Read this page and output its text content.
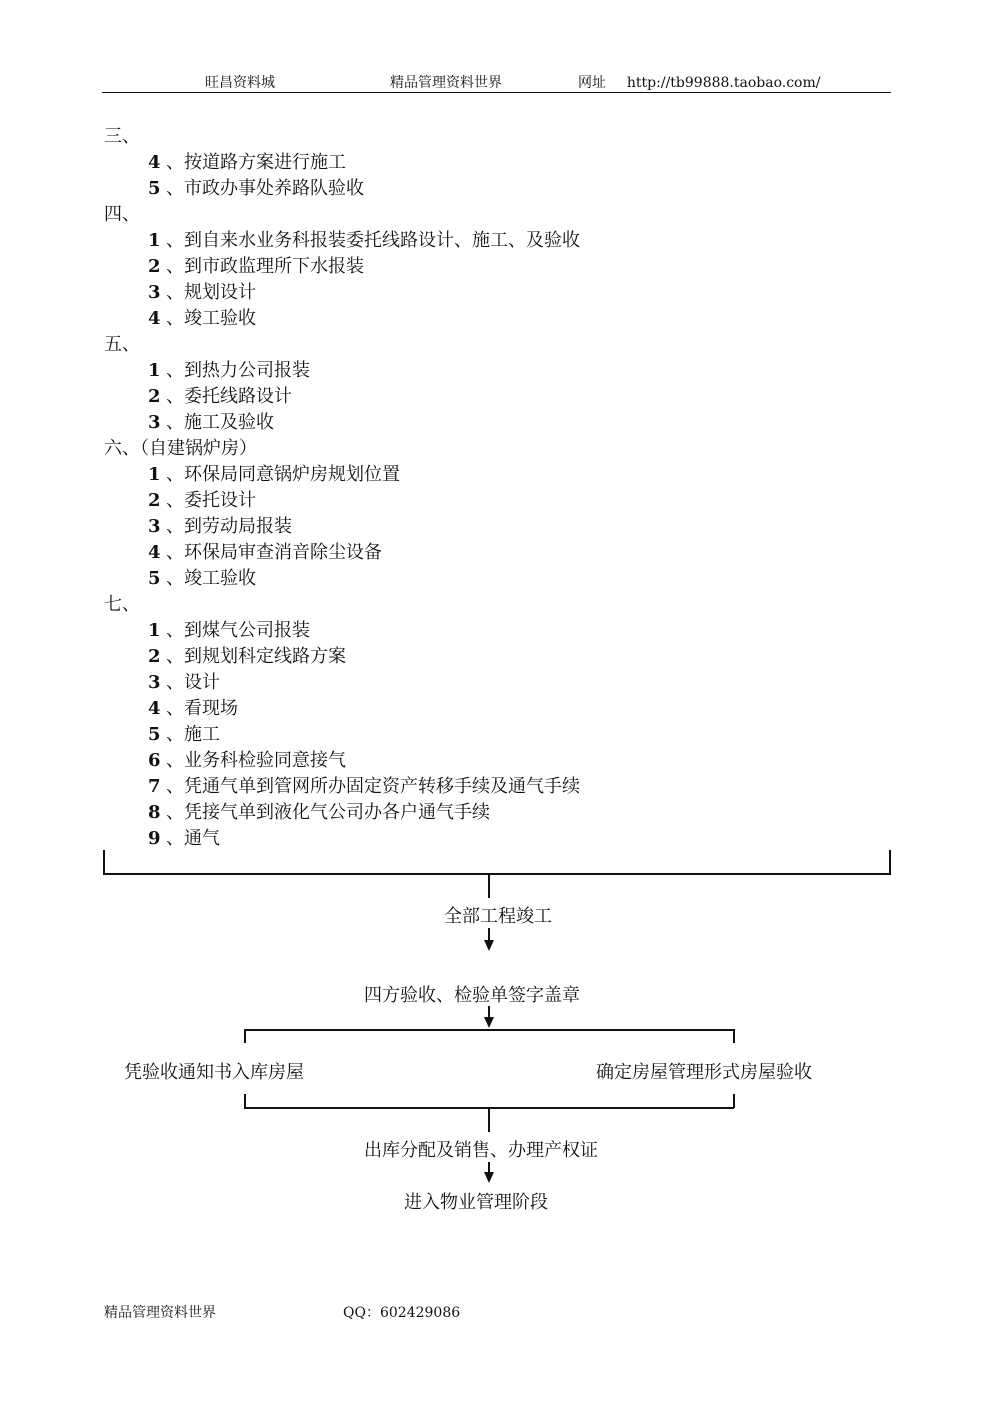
旺昌资料城	精品管理资料世界	网址 http://tb99888.taobao.com/
三、
4 、按道路方案进行施工
5 、市政办事处养路队验收
四、
1 、到自来水业务科报装委托线路设计、施工、及验收
2 、到市政监理所下水报装
3 、规划设计
4 、竣工验收
五、
1 、到热力公司报装
2 、委托线路设计
3 、施工及验收
六、（自建锅炉房）
1 、环保局同意锅炉房规划位置
2 、委托设计
3 、到劳动局报装
4 、环保局审查消音除尘设备
5 、竣工验收
七、
1 、到煤气公司报装
2 、到规划科定线路方案
3 、设计
4 、看现场
5 、施工
6 、业务科检验同意接气
7 、凭通气单到管网所办固定资产转移手续及通气手续
8 、凭接气单到液化气公司办各户通气手续
9 、通气
全部工程竣工
四方验收、检验单签字盖章
凭验收通知书入库房屋	确定房屋管理形式房屋验收
出库分配及销售、办理产权证
进入物业管理阶段
精品管理资料世界	QQ：602429086
